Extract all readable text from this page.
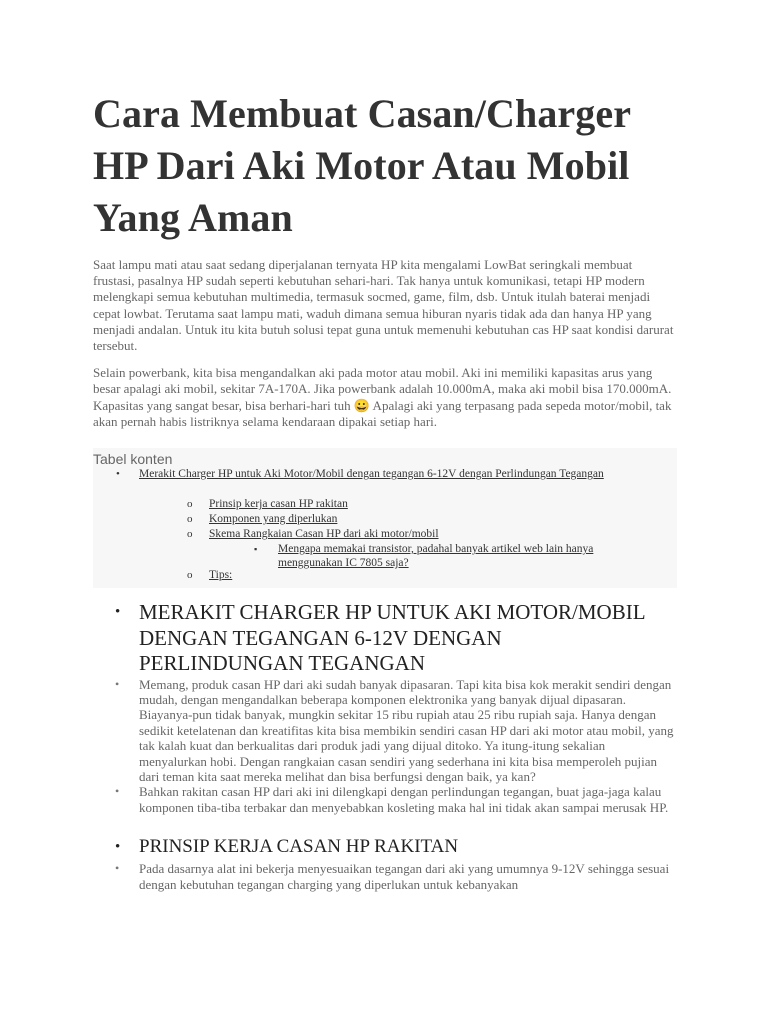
Cara Membuat Casan/Charger HP Dari Aki Motor Atau Mobil Yang Aman

Saat lampu mati atau saat sedang diperjalanan ternyata HP kita mengalami LowBat seringkali membuat frustasi, pasalnya HP sudah seperti kebutuhan sehari-hari. Tak hanya untuk komunikasi, tetapi HP modern melengkapi semua kebutuhan multimedia, termasuk socmed, game, film, dsb. Untuk itulah baterai menjadi cepat lowbat. Terutama saat lampu mati, waduh dimana semua hiburan nyaris tidak ada dan hanya HP yang menjadi andalan. Untuk itu kita butuh solusi tepat guna untuk memenuhi kebutuhan cas HP saat kondisi darurat tersebut.

Selain powerbank, kita bisa mengandalkan aki pada motor atau mobil. Aki ini memiliki kapasitas arus yang besar apalagi aki mobil, sekitar 7A-170A. Jika powerbank adalah 10.000mA, maka aki mobil bisa 170.000mA. Kapasitas yang sangat besar, bisa berhari-hari tuh 😀 Apalagi aki yang terpasang pada sepeda motor/mobil, tak akan pernah habis listriknya selama kendaraan dipakai setiap hari.

Tabel konten
• Merakit Charger HP untuk Aki Motor/Mobil dengan tegangan 6-12V dengan Perlindungan Tegangan
o Prinsip kerja casan HP rakitan
o Komponen yang diperlukan
o Skema Rangkaian Casan HP dari aki motor/mobil
▪ Mengapa memakai transistor, padahal banyak artikel web lain hanya menggunakan IC 7805 saja?
o Tips:
• MERAKIT CHARGER HP UNTUK AKI MOTOR/MOBIL DENGAN TEGANGAN 6-12V DENGAN PERLINDUNGAN TEGANGAN
• Memang, produk casan HP dari aki sudah banyak dipasaran. Tapi kita bisa kok merakit sendiri dengan mudah, dengan mengandalkan beberapa komponen elektronika yang banyak dijual dipasaran. Biayanya-pun tidak banyak, mungkin sekitar 15 ribu rupiah atau 25 ribu rupiah saja. Hanya dengan sedikit ketelatenan dan kreatifitas kita bisa membikin sendiri casan HP dari aki motor atau mobil, yang tak kalah kuat dan berkualitas dari produk jadi yang dijual ditoko. Ya itung-itung sekalian menyalurkan hobi. Dengan rangkaian casan sendiri yang sederhana ini kita bisa memperoleh pujian dari teman kita saat mereka melihat dan bisa berfungsi dengan baik, ya kan?
• Bahkan rakitan casan HP dari aki ini dilengkapi dengan perlindungan tegangan, buat jaga-jaga kalau komponen tiba-tiba terbakar dan menyebabkan kosleting maka hal ini tidak akan sampai merusak HP.
• PRINSIP KERJA CASAN HP RAKITAN
• Pada dasarnya alat ini bekerja menyesuaikan tegangan dari aki yang umumnya 9-12V sehingga sesuai dengan kebutuhan tegangan charging yang diperlukan untuk kebanyakan
